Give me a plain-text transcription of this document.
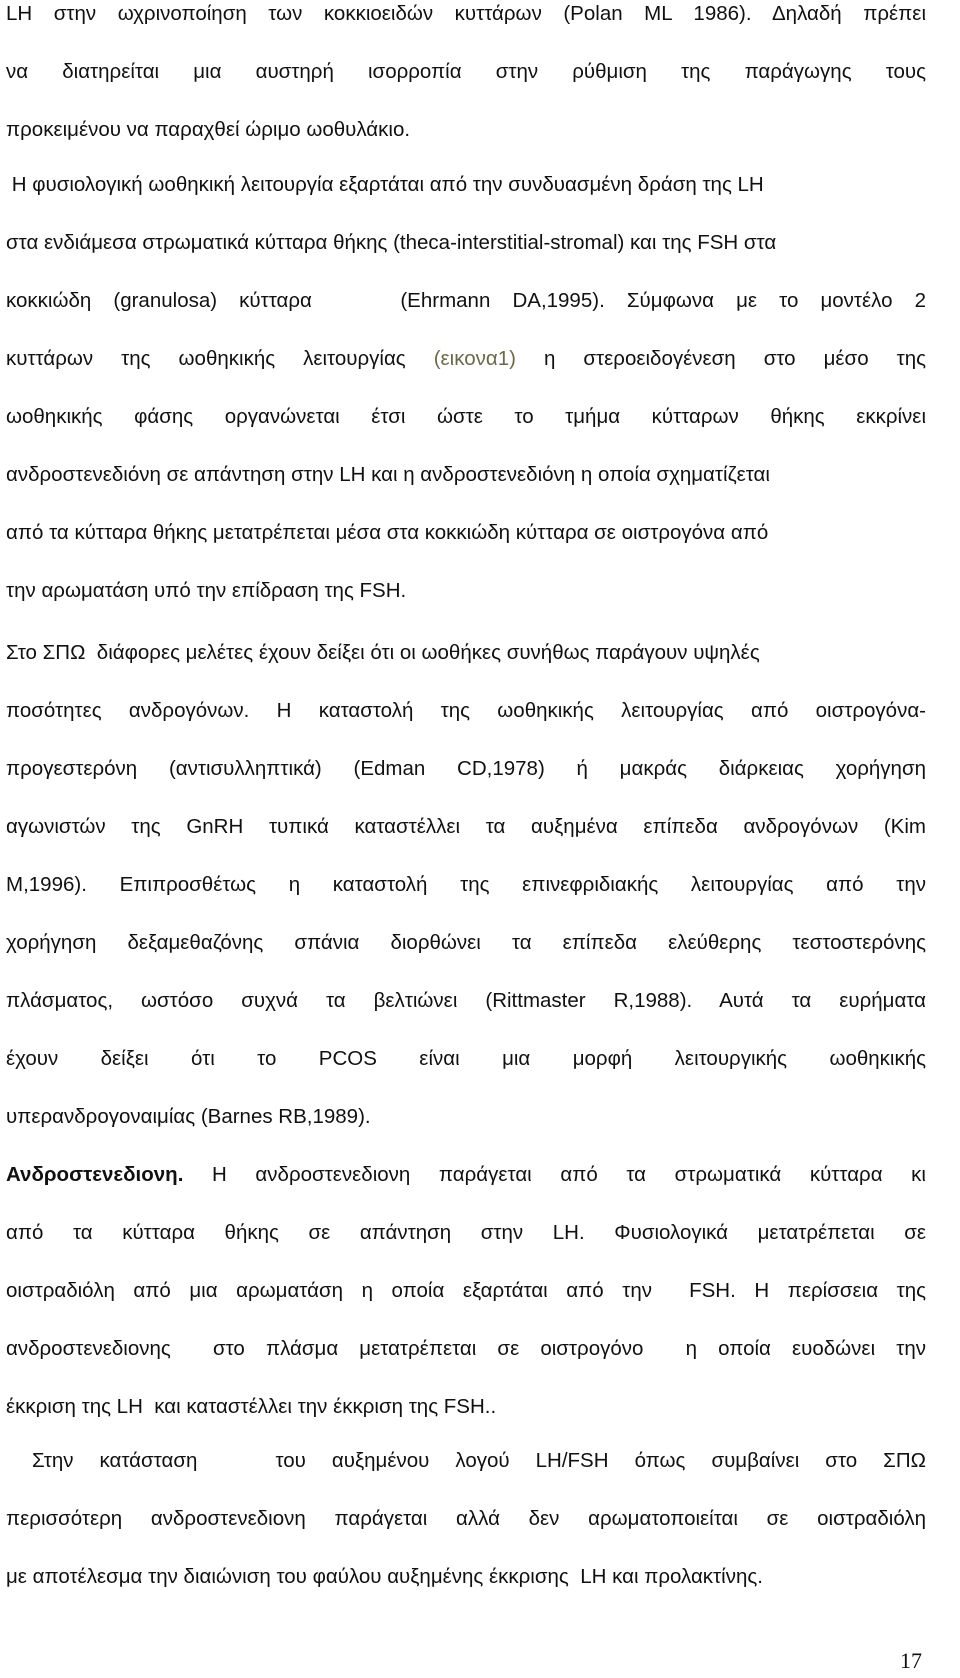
LH στην ωχρινοποίηση των κοκκιοειδών κυττάρων (Polan ML 1986). Δηλαδή πρέπει
να διατηρείται μια αυστηρή ισορροπία στην ρύθμιση της παράγωγης τους
προκειμένου να παραχθεί ώριμο ωοθυλάκιο.
Η φυσιολογική ωοθηκική λειτουργία εξαρτάται από την συνδυασμένη δράση της LH
στα ενδιάμεσα στρωματικά κύτταρα θήκης (theca-interstitial-stromal) και της FSH στα
κοκκιώδη (granulosa) κύτταρα    (Ehrmann DA,1995). Σύμφωνα με το μοντέλο 2
κυττάρων της ωοθηκικής λειτουργίας (εικονα1) η στεροειδογένεση στο μέσο της
ωοθηκικής φάσης οργανώνεται έτσι ώστε το τμήμα κύτταρων θήκης εκκρίνει
ανδροστενεδιόνη σε απάντηση στην LH και η ανδροστενεδιόνη η οποία σχηματίζεται
από τα κύτταρα θήκης μετατρέπεται μέσα στα κοκκιώδη κύτταρα σε οιστρογόνα από
την αρωματάση υπό την επίδραση της FSH.
Στο ΣΠΩ  διάφορες μελέτες έχουν δείξει ότι οι ωοθήκες συνήθως παράγουν υψηλές
ποσότητες ανδρογόνων. Η καταστολή της ωοθηκικής λειτουργίας από οιστρογόνα-
προγεστερόνη (αντισυλληπτικά) (Edman CD,1978) ή μακράς διάρκειας χορήγηση
αγωνιστών της GnRH τυπικά καταστέλλει τα αυξημένα επίπεδα ανδρογόνων (Kim
M,1996). Επιπροσθέτως η καταστολή της επινεφριδιακής λειτουργίας από την
χορήγηση δεξαμεθαζόνης σπάνια διορθώνει τα επίπεδα ελεύθερης τεστοστερόνης
πλάσματος, ωστόσο συχνά τα βελτιώνει (Rittmaster R,1988). Αυτά τα ευρήματα
έχουν δείξει ότι το PCOS είναι μια μορφή λειτουργικής ωοθηκικής
υπερανδρογοναιμίας (Barnes RB,1989).
Ανδροστενεδιονη. Η ανδροστενεδιονη παράγεται από τα στρωματικά κύτταρα κι
από τα κύτταρα θήκης σε απάντηση στην LH. Φυσιολογικά μετατρέπεται σε
οιστραδιόλη από μια αρωματάση η οποία εξαρτάται από την  FSH. Η περίσσεια της
ανδροστενεδιονης  στο πλάσμα μετατρέπεται σε οιστρογόνο  η οποία ευοδώνει την
έκκριση της LH  και καταστέλλει την έκκριση της FSH..
Στην κατάσταση   του αυξημένου λογού LH/FSH όπως συμβαίνει στο ΣΠΩ
περισσότερη ανδροστενεδιονη παράγεται αλλά δεν αρωματοποιείται σε οιστραδιόλη
με αποτέλεσμα την διαιώνιση του φαύλου αυξημένης έκκρισης  LH και προλακτίνης.
17
